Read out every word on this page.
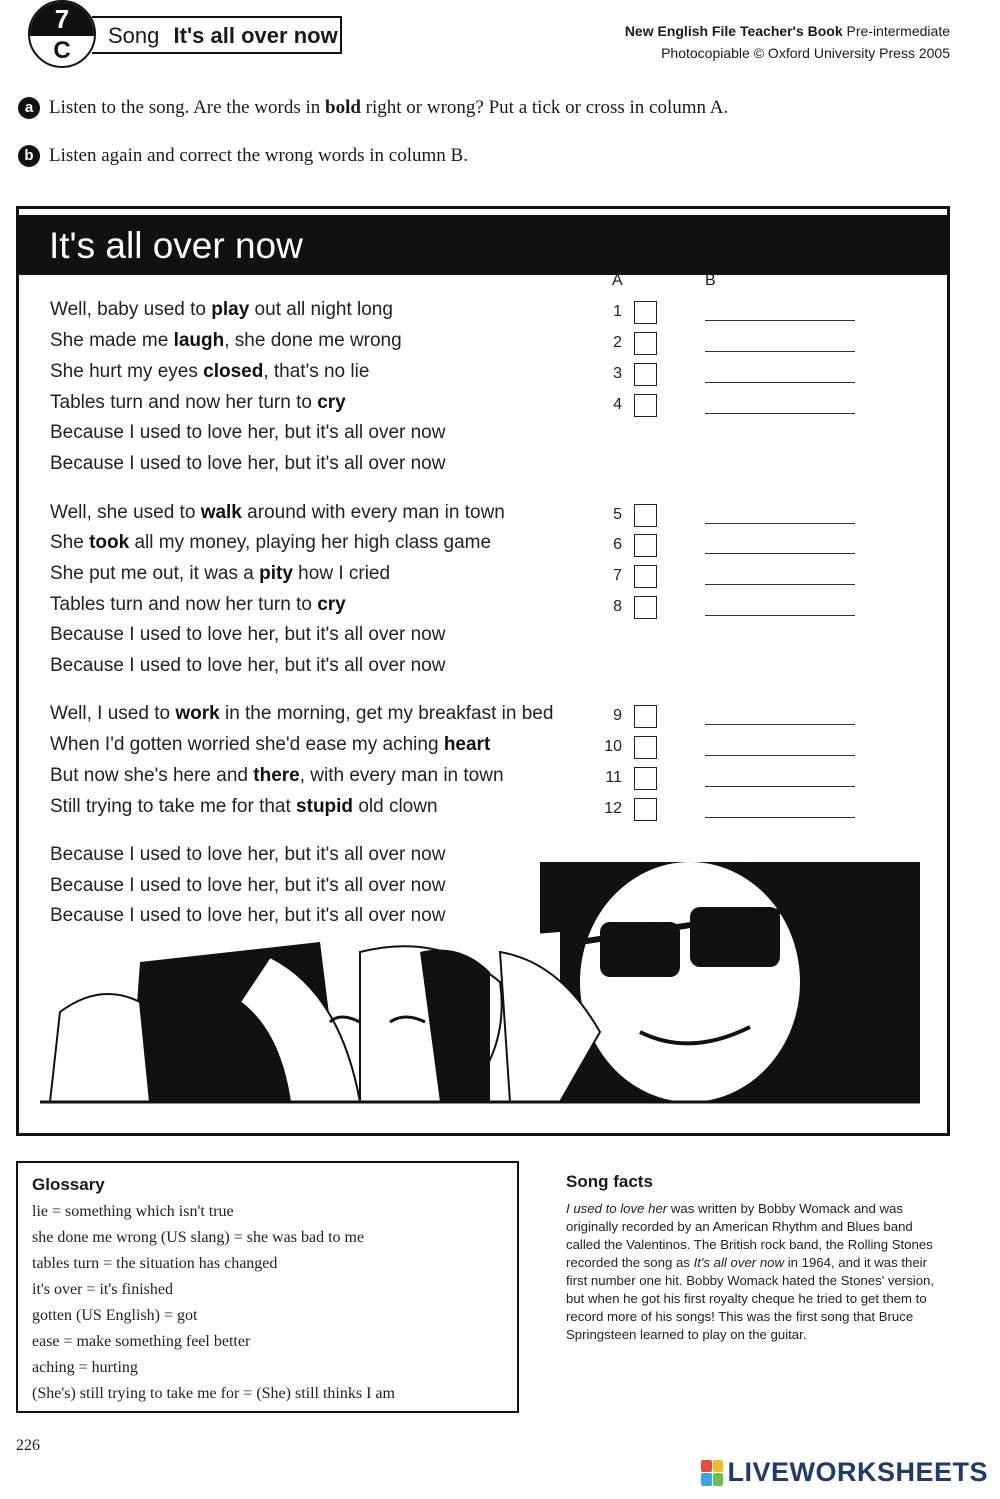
7
C
Song It's all over now	New English File Teacher's Book Pre-intermediate
Photocopiable © Oxford University Press 2005
a Listen to the song. Are the words in bold right or wrong? Put a tick or cross in column A.
b Listen again and correct the wrong words in column B.
It's all over now
A	B
Well, baby used to play out all night long	1
She made me laugh, she done me wrong	2
She hurt my eyes closed, that's no lie	3
Tables turn and now her turn to cry	4
Because I used to love her, but it's all over now
Because I used to love her, but it's all over now
Well, she used to walk around with every man in town	5
She took all my money, playing her high class game	6
She put me out, it was a pity how I cried	7
Tables turn and now her turn to cry	8
Because I used to love her, but it's all over now
Because I used to love her, but it's all over now
Well, I used to work in the morning, get my breakfast in bed	9
When I'd gotten worried she'd ease my aching heart	10
But now she's here and there, with every man in town	11
Still trying to take me for that stupid old clown	12
Because I used to love her, but it's all over now
Because I used to love her, but it's all over now
Because I used to love her, but it's all over now
Glossary

lie = something which isn't true

she done me wrong (US slang) = she was bad to me

tables turn = the situation has changed

it's over = it's finished

gotten (US English) = got

ease = make something feel better

aching = hurting

(She's) still trying to take me for = (She) still thinks I am

Song facts

I used to love her was written by Bobby Womack and was originally recorded by an American Rhythm and Blues band called the Valentinos. The British rock band, the Rolling Stones recorded the song as It's all over now in 1964, and it was their first number one hit. Bobby Womack hated the Stones' version, but when he got his first royalty cheque he tried to get them to record more of his songs! This was the first song that Bruce Springsteen learned to play on the guitar.

226
LIVEWORKSHEETS
